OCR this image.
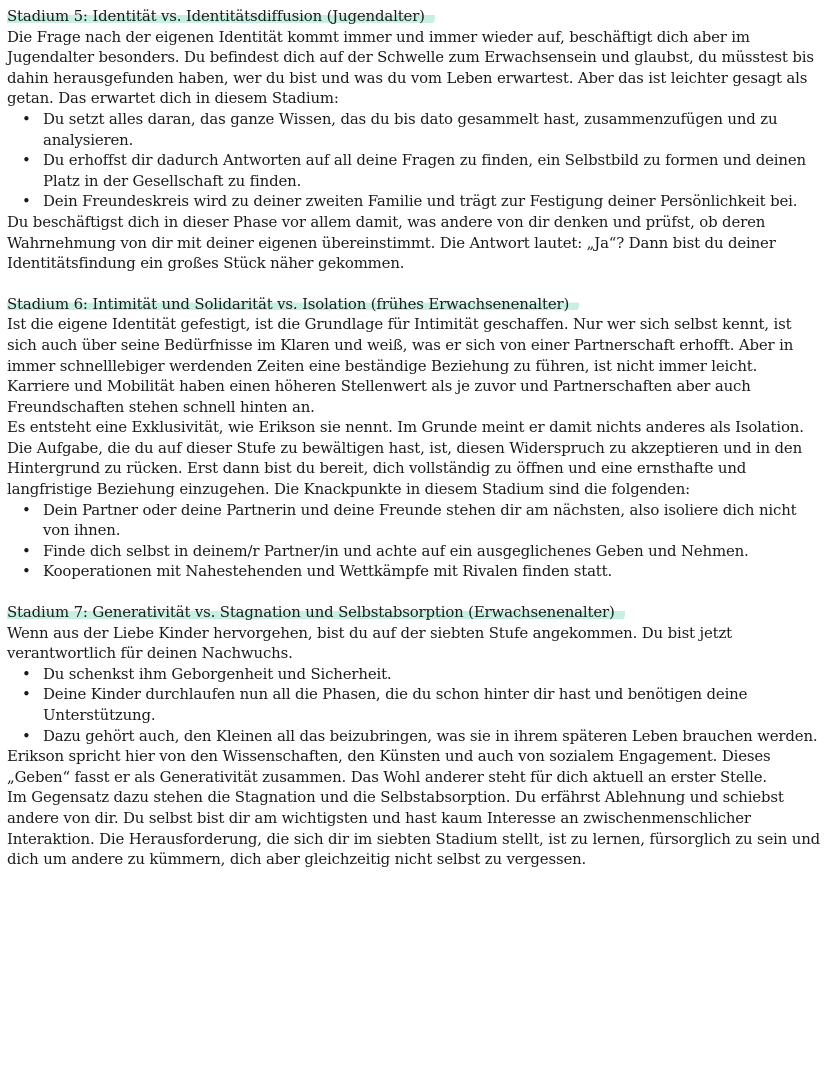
Stadium 5: Identität vs. Identitätsdiffusion (Jugendalter)

Die Frage nach der eigenen Identität kommt immer und immer wieder auf, beschäftigt dich aber im Jugendalter besonders. Du befindest dich auf der Schwelle zum Erwachsensein und glaubst, du müsstest bis dahin herausgefunden haben, wer du bist und was du vom Leben erwartest. Aber das ist leichter gesagt als getan. Das erwartet dich in diesem Stadium:

• Du setzt alles daran, das ganze Wissen, das du bis dato gesammelt hast, zusammenzufügen und zu analysieren.
• Du erhoffst dir dadurch Antworten auf all deine Fragen zu finden, ein Selbstbild zu formen und deinen Platz in der Gesellschaft zu finden.
• Dein Freundeskreis wird zu deiner zweiten Familie und trägt zur Festigung deiner Persönlichkeit bei.

Du beschäftigst dich in dieser Phase vor allem damit, was andere von dir denken und prüfst, ob deren Wahrnehmung von dir mit deiner eigenen übereinstimmt. Die Antwort lautet: „Ja“? Dann bist du deiner Identitätsfindung ein großes Stück näher gekommen.

Stadium 6: Intimität und Solidarität vs. Isolation (frühes Erwachsenenalter)

Ist die eigene Identität gefestigt, ist die Grundlage für Intimität geschaffen. Nur wer sich selbst kennt, ist sich auch über seine Bedürfnisse im Klaren und weiß, was er sich von einer Partnerschaft erhofft. Aber in immer schnelllebiger werdenden Zeiten eine beständige Beziehung zu führen, ist nicht immer leicht. Karriere und Mobilität haben einen höheren Stellenwert als je zuvor und Partnerschaften aber auch Freundschaften stehen schnell hinten an.

Es entsteht eine Exklusivität, wie Erikson sie nennt. Im Grunde meint er damit nichts anderes als Isolation. Die Aufgabe, die du auf dieser Stufe zu bewältigen hast, ist, diesen Widerspruch zu akzeptieren und in den Hintergrund zu rücken. Erst dann bist du bereit, dich vollständig zu öffnen und eine ernsthafte und langfristige Beziehung einzugehen. Die Knackpunkte in diesem Stadium sind die folgenden:

• Dein Partner oder deine Partnerin und deine Freunde stehen dir am nächsten, also isoliere dich nicht von ihnen.
• Finde dich selbst in deinem/r Partner/in und achte auf ein ausgeglichenes Geben und Nehmen.
• Kooperationen mit Nahestehenden und Wettkämpfe mit Rivalen finden statt.
Stadium 7: Generativität vs. Stagnation und Selbstabsorption (Erwachsenenalter)

Wenn aus der Liebe Kinder hervorgehen, bist du auf der siebten Stufe angekommen. Du bist jetzt verantwortlich für deinen Nachwuchs.

• Du schenkst ihm Geborgenheit und Sicherheit.
• Deine Kinder durchlaufen nun all die Phasen, die du schon hinter dir hast und benötigen deine Unterstützung.
• Dazu gehört auch, den Kleinen all das beizubringen, was sie in ihrem späteren Leben brauchen werden.

Erikson spricht hier von den Wissenschaften, den Künsten und auch von sozialem Engagement. Dieses „Geben“ fasst er als Generativität zusammen. Das Wohl anderer steht für dich aktuell an erster Stelle.

Im Gegensatz dazu stehen die Stagnation und die Selbstabsorption. Du erfährst Ablehnung und schiebst andere von dir. Du selbst bist dir am wichtigsten und hast kaum Interesse an zwischenmenschlicher Interaktion. Die Herausforderung, die sich dir im siebten Stadium stellt, ist zu lernen, fürsorglich zu sein und dich um andere zu kümmern, dich aber gleichzeitig nicht selbst zu vergessen.
